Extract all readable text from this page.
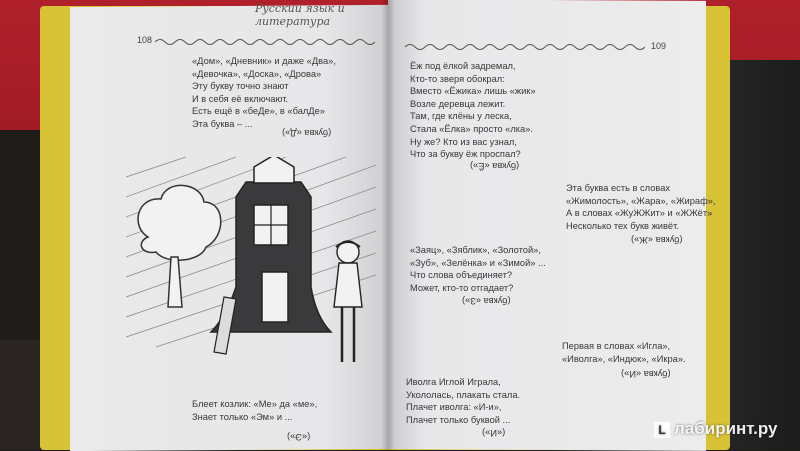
Русский язык и литература
108
109
«Дом», «Дневник» и даже «Два»,
«Девочка», «Доска», «Дрова»
Эту букву точно знают
И в себя её включают.
Есть ещё в «беДе», в «балДе»
Эта буква – ...
(буква «Д»)
Блеет козлик: «Ме» да «ме»,
Знает только «Эм» и ...
(«Э»)
Ёж под ёлкой задремал,
Кто-то зверя обокрал:
Вместо «Ёжика» лишь «жик»
Возле деревца лежит.
Там, где клёны у леска,
Стала «Ёлка» просто «лка».
Ну же? Кто из вас узнал,
Что за букву ёж проспал?
(буква «Ё»)
Эта буква есть в словах
«Жимолость», «Жара», «Жираф»,
А в словах «ЖуЖЖит» и «ЖЖёт»
Несколько тех букв живёт.
(буква «Ж»)
«Заяц», «Зяблик», «Золотой»,
«Зуб», «Зелёнка» и «Зимой» ...
Что слова объединяет?
Может, кто-то отгадает?
(буква «З»)
Первая в словах «Игла»,
«Иволга», «Индюк», «Икра».
(буква «И»)
Иволга Иглой Играла,
Укололась, плакать стала.
Плачет иволга: «И-и»,
Плачет только буквой ...
(«И»)	L лабиринт.ру
